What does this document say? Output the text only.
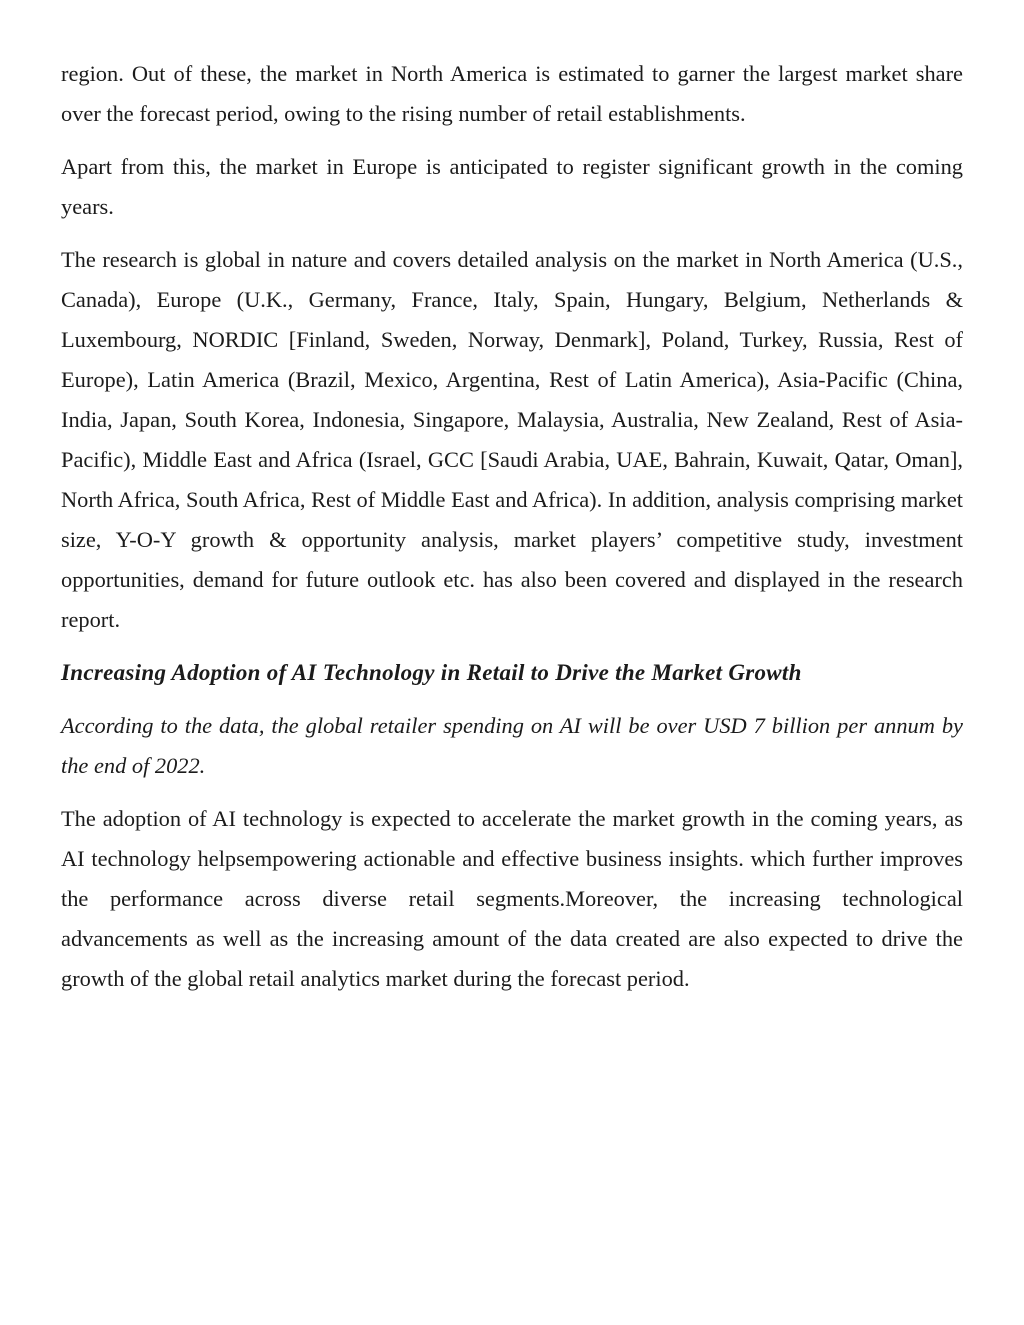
region. Out of these, the market in North America is estimated to garner the largest market share over the forecast period, owing to the rising number of retail establishments.

Apart from this, the market in Europe is anticipated to register significant growth in the coming years.

The research is global in nature and covers detailed analysis on the market in North America (U.S., Canada), Europe (U.K., Germany, France, Italy, Spain, Hungary, Belgium, Netherlands & Luxembourg, NORDIC [Finland, Sweden, Norway, Denmark], Poland, Turkey, Russia, Rest of Europe), Latin America (Brazil, Mexico, Argentina, Rest of Latin America), Asia-Pacific (China, India, Japan, South Korea, Indonesia, Singapore, Malaysia, Australia, New Zealand, Rest of Asia-Pacific), Middle East and Africa (Israel, GCC [Saudi Arabia, UAE, Bahrain, Kuwait, Qatar, Oman], North Africa, South Africa, Rest of Middle East and Africa). In addition, analysis comprising market size, Y-O-Y growth & opportunity analysis, market players’ competitive study, investment opportunities, demand for future outlook etc. has also been covered and displayed in the research report.

Increasing Adoption of AI Technology in Retail to Drive the Market Growth

According to the data, the global retailer spending on AI will be over USD 7 billion per annum by the end of 2022.

The adoption of AI technology is expected to accelerate the market growth in the coming years, as AI technology helpsempowering actionable and effective business insights. which further improves the performance across diverse retail segments.Moreover, the increasing technological advancements as well as the increasing amount of the data created are also expected to drive the growth of the global retail analytics market during the forecast period.
